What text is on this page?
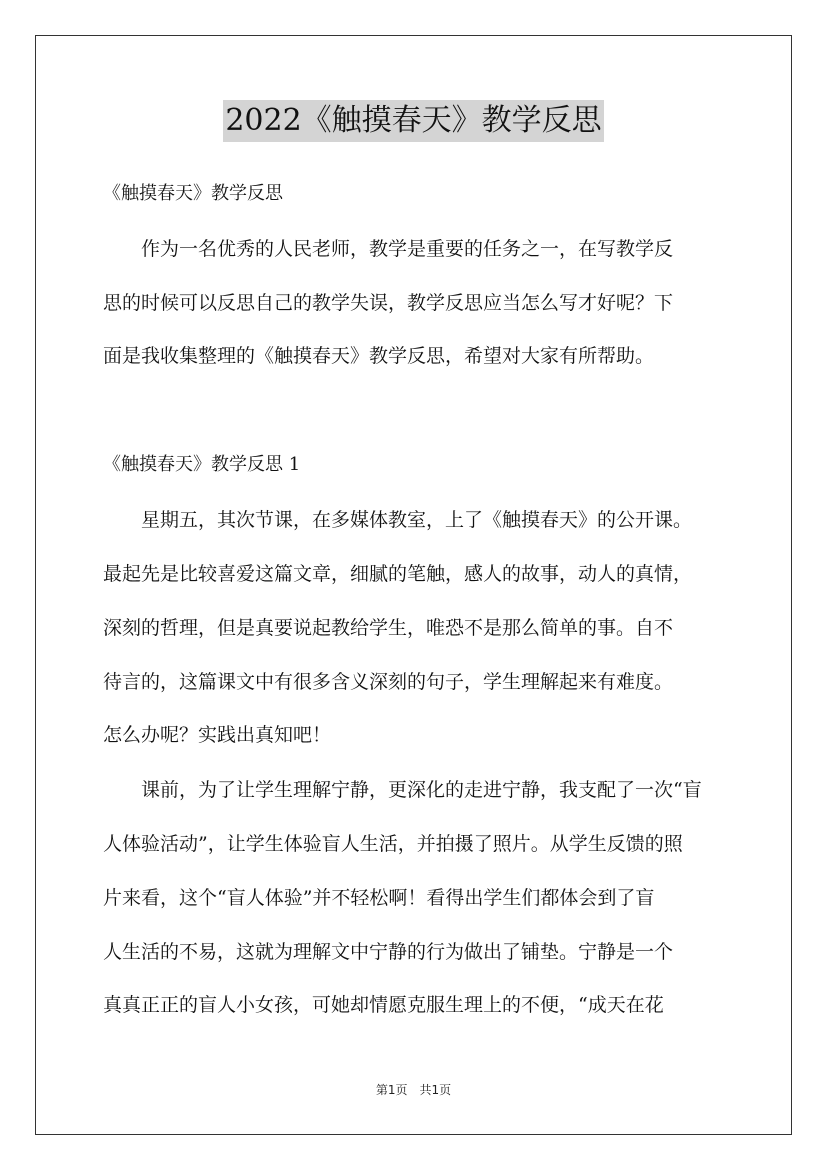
2022《触摸春天》教学反思
《触摸春天》教学反思
　　作为一名优秀的人民老师，教学是重要的任务之一，在写教学反
思的时候可以反思自己的教学失误，教学反思应当怎么写才好呢？下
面是我收集整理的《触摸春天》教学反思，希望对大家有所帮助。
《触摸春天》教学反思 1
　　星期五，其次节课，在多媒体教室，上了《触摸春天》的公开课。
最起先是比较喜爱这篇文章，细腻的笔触，感人的故事，动人的真情，
深刻的哲理，但是真要说起教给学生，唯恐不是那么简单的事。自不
待言的，这篇课文中有很多含义深刻的句子，学生理解起来有难度。
怎么办呢？实践出真知吧！
　　课前，为了让学生理解宁静，更深化的走进宁静，我支配了一次“盲
人体验活动”，让学生体验盲人生活，并拍摄了照片。从学生反馈的照
片来看，这个“盲人体验”并不轻松啊！看得出学生们都体会到了盲
人生活的不易，这就为理解文中宁静的行为做出了铺垫。宁静是一个
真真正正的盲人小女孩，可她却情愿克服生理上的不便，“成天在花
第1页　共1页
